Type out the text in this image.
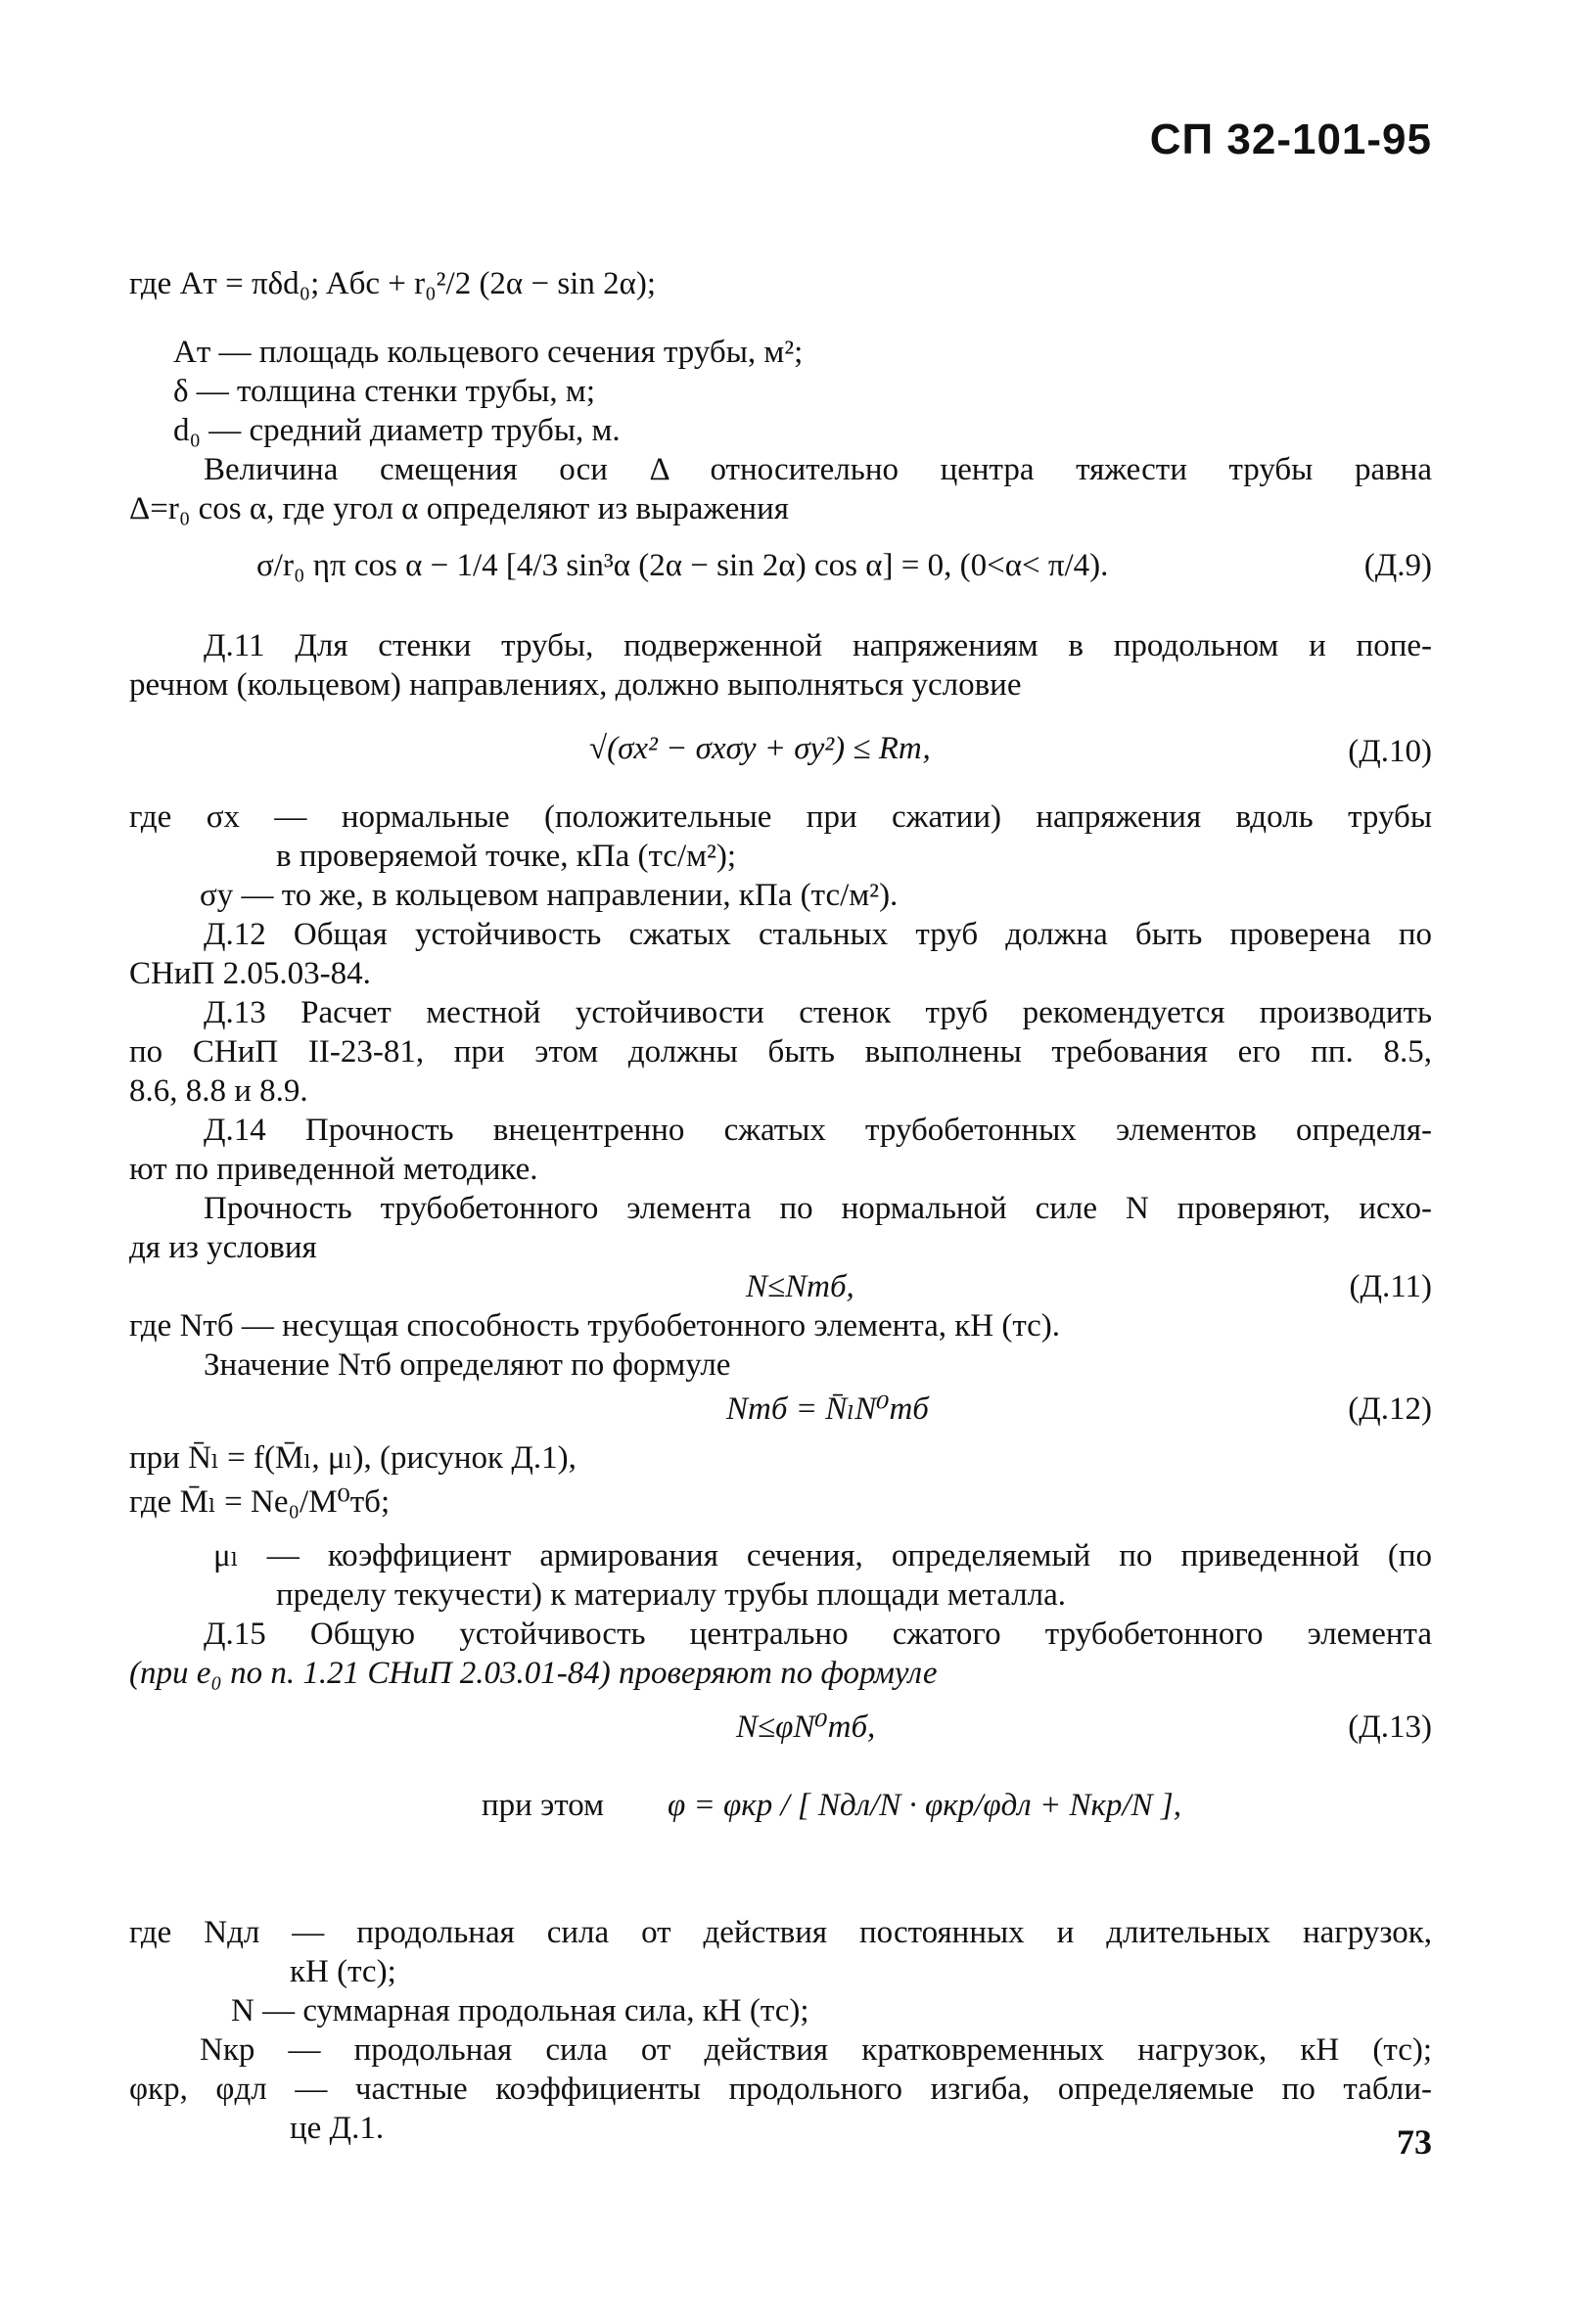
СП 32-101-95
где Aт = πδd₀; Aбс + r₀²/2 (2α − sin 2α);
Aт — площадь кольцевого сечения трубы, м²;
δ — толщина стенки трубы, м;
d₀ — средний диаметр трубы, м.
Величина смещения оси Δ относительно центра тяжести трубы равна
Δ=r₀ cos α, где угол α определяют из выражения
σ/r₀ ηπ cos α − 1/4 [4/3 sin³α (2α − sin 2α) cos α] = 0, (0<α< π/4).	(Д.9)
Д.11 Для стенки трубы, подверженной напряжениям в продольном и попе-
речном (кольцевом) направлениях, должно выполняться условие
√(σx² − σxσy + σy²) ≤ Rт,	(Д.10)
где σx — нормальные (положительные при сжатии) напряжения вдоль трубы
в проверяемой точке, кПа (тс/м²);
σy — то же, в кольцевом направлении, кПа (тс/м²).
Д.12 Общая устойчивость сжатых стальных труб должна быть проверена по
СНиП 2.05.03-84.
Д.13 Расчет местной устойчивости стенок труб рекомендуется производить
по СНиП II-23-81, при этом должны быть выполнены требования его пп. 8.5,
8.6, 8.8 и 8.9.
Д.14 Прочность внецентренно сжатых трубобетонных элементов определя-
ют по приведенной методике.
Прочность трубобетонного элемента по нормальной силе N проверяют, исхо-
дя из условия
N≤Nтб,	(Д.11)
где Nтб — несущая способность трубобетонного элемента, кН (тс).
Значение Nтб определяют по формуле
Nтб = N̄ₗN⁰тб	(Д.12)
при N̄ₗ = f(M̄ₗ, μₗ), (рисунок Д.1),
где M̄ₗ = Ne₀/M⁰тб;
μₗ — коэффициент армирования сечения, определяемый по приведенной (по
пределу текучести) к материалу трубы площади металла.
Д.15 Общую устойчивость центрально сжатого трубобетонного элемента
(при e₀ по п. 1.21 СНиП 2.03.01-84) проверяют по формуле
N≤φN⁰тб,	(Д.13)
при этом	φ = φкр / [ Nдл/N · φкр/φдл + Nкр/N ],
где Nдл — продольная сила от действия постоянных и длительных нагрузок,
кН (тс);
N — суммарная продольная сила, кН (тс);
Nкр — продольная сила от действия кратковременных нагрузок, кН (тс);
φкр, φдл — частные коэффициенты продольного изгиба, определяемые по табли-
це Д.1.	73
